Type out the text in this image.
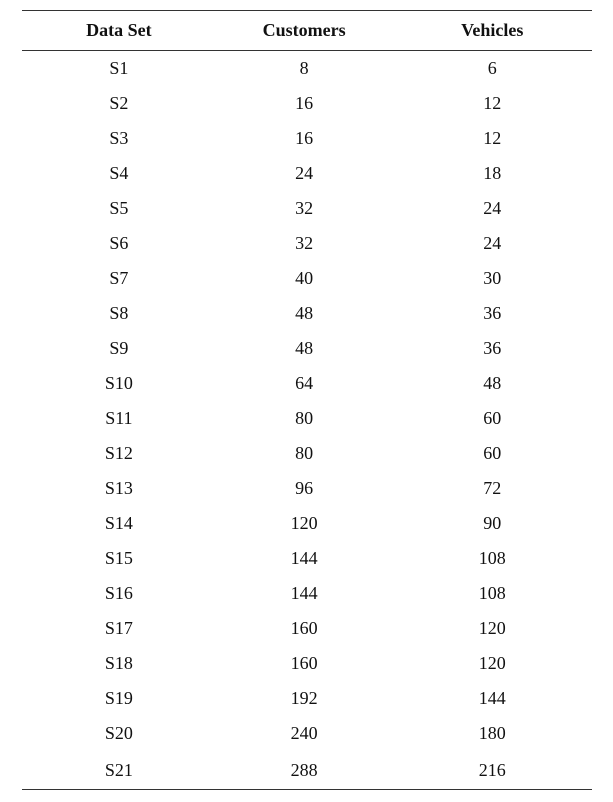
Data Set	Customers	Vehicles
S1	8	6
S2	16	12
S3	16	12
S4	24	18
S5	32	24
S6	32	24
S7	40	30
S8	48	36
S9	48	36
S10	64	48
S11	80	60
S12	80	60
S13	96	72
S14	120	90
S15	144	108
S16	144	108
S17	160	120
S18	160	120
S19	192	144
S20	240	180
S21	288	216
